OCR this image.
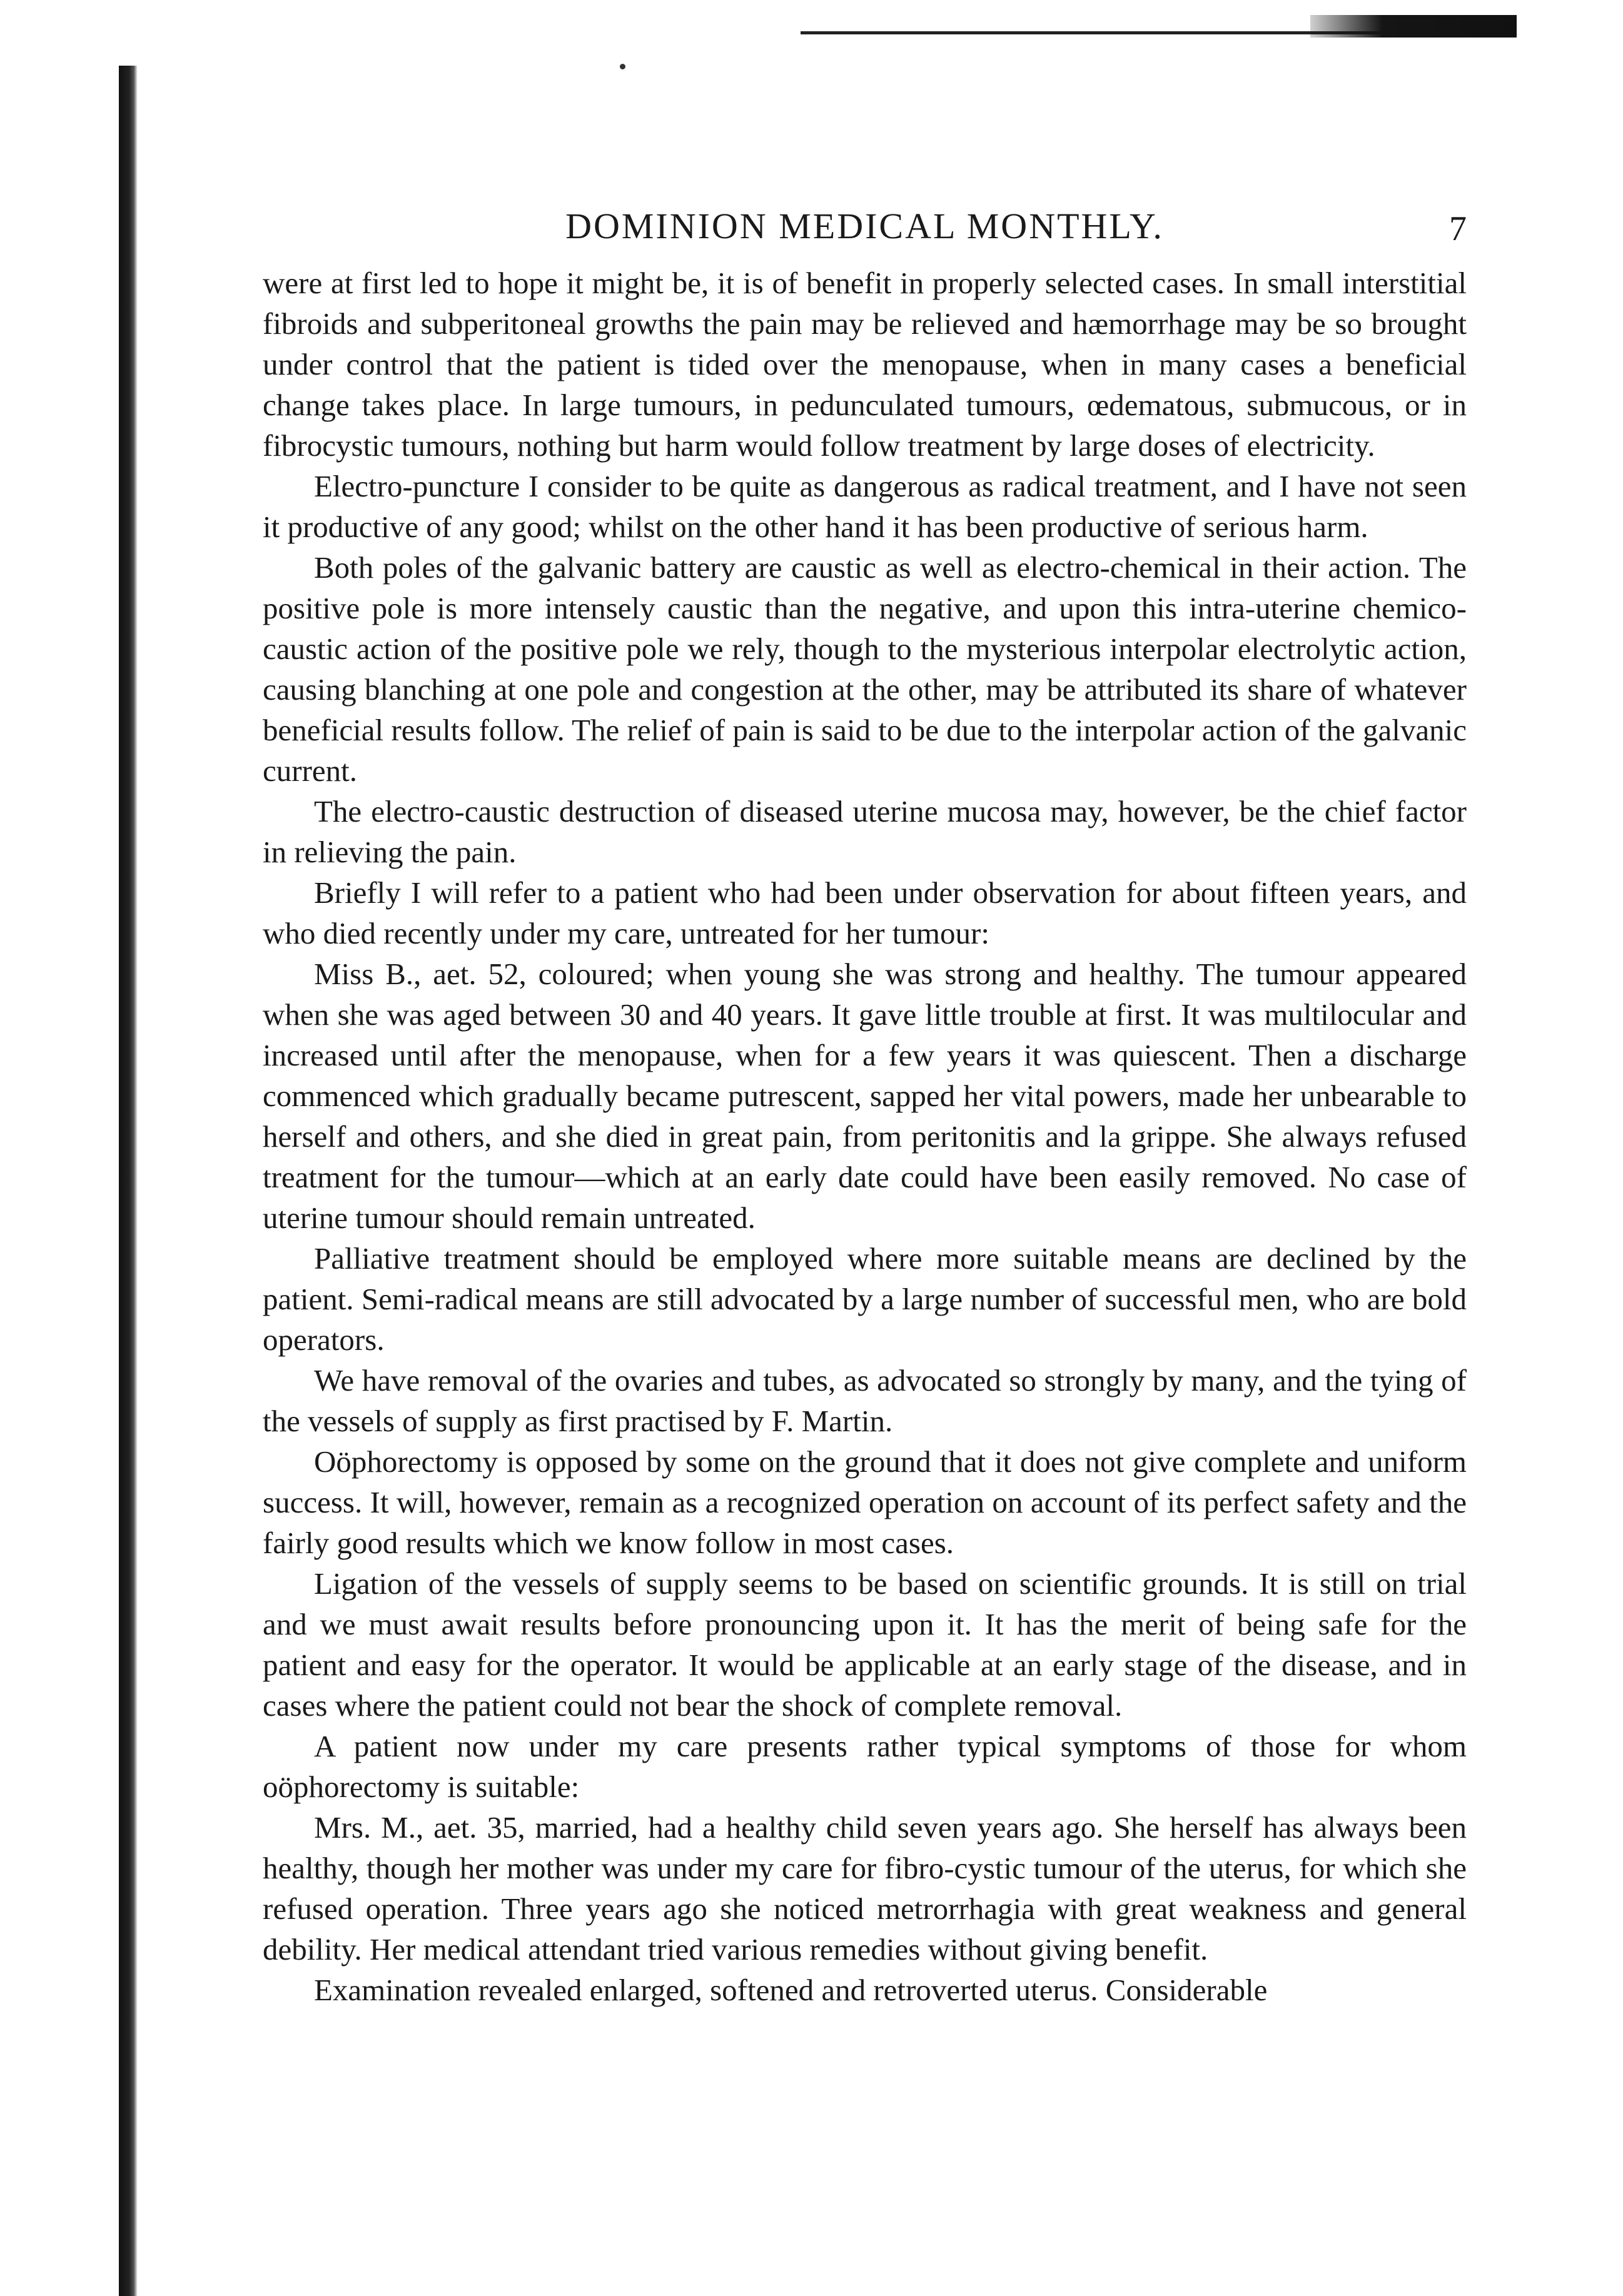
DOMINION MEDICAL MONTHLY.	7

were at first led to hope it might be, it is of benefit in properly selected cases. In small interstitial fibroids and subperitoneal growths the pain may be relieved and hæmorrhage may be so brought under control that the patient is tided over the menopause, when in many cases a beneficial change takes place. In large tumours, in pedunculated tumours, œdematous, submucous, or in fibrocystic tumours, nothing but harm would follow treatment by large doses of electricity.

Electro-puncture I consider to be quite as dangerous as radical treatment, and I have not seen it productive of any good; whilst on the other hand it has been productive of serious harm.

Both poles of the galvanic battery are caustic as well as electro-chemical in their action. The positive pole is more intensely caustic than the negative, and upon this intra-uterine chemico-caustic action of the positive pole we rely, though to the mysterious interpolar electrolytic action, causing blanching at one pole and congestion at the other, may be attributed its share of whatever beneficial results follow. The relief of pain is said to be due to the interpolar action of the galvanic current.

The electro-caustic destruction of diseased uterine mucosa may, however, be the chief factor in relieving the pain.

Briefly I will refer to a patient who had been under observation for about fifteen years, and who died recently under my care, untreated for her tumour:

Miss B., aet. 52, coloured; when young she was strong and healthy. The tumour appeared when she was aged between 30 and 40 years. It gave little trouble at first. It was multilocular and increased until after the menopause, when for a few years it was quiescent. Then a discharge commenced which gradually became putrescent, sapped her vital powers, made her unbearable to herself and others, and she died in great pain, from peritonitis and la grippe. She always refused treatment for the tumour—which at an early date could have been easily removed. No case of uterine tumour should remain untreated.

Palliative treatment should be employed where more suitable means are declined by the patient. Semi-radical means are still advocated by a large number of successful men, who are bold operators.

We have removal of the ovaries and tubes, as advocated so strongly by many, and the tying of the vessels of supply as first practised by F. Martin.

Oöphorectomy is opposed by some on the ground that it does not give complete and uniform success. It will, however, remain as a recognized operation on account of its perfect safety and the fairly good results which we know follow in most cases.

Ligation of the vessels of supply seems to be based on scientific grounds. It is still on trial and we must await results before pronouncing upon it. It has the merit of being safe for the patient and easy for the operator. It would be applicable at an early stage of the disease, and in cases where the patient could not bear the shock of complete removal.

A patient now under my care presents rather typical symptoms of those for whom oöphorectomy is suitable:

Mrs. M., aet. 35, married, had a healthy child seven years ago. She herself has always been healthy, though her mother was under my care for fibro-cystic tumour of the uterus, for which she refused operation. Three years ago she noticed metrorrhagia with great weakness and general debility. Her medical attendant tried various remedies without giving benefit.

Examination revealed enlarged, softened and retroverted uterus. Considerable
